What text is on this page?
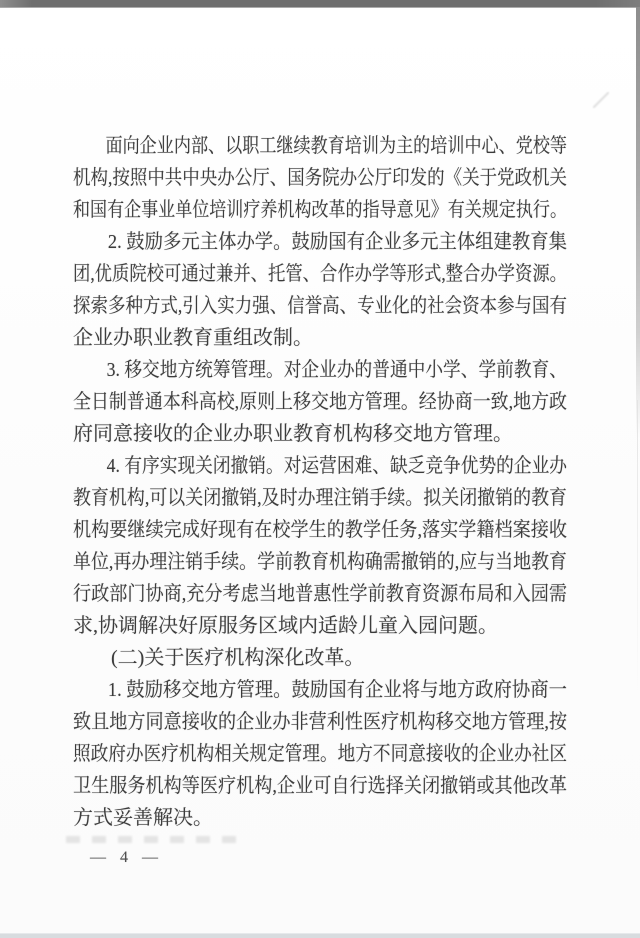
面向企业内部、以职工继续教育培训为主的培训中心、党校等
机构,按照中共中央办公厅、国务院办公厅印发的《关于党政机关
和国有企事业单位培训疗养机构改革的指导意见》有关规定执行。
2. 鼓励多元主体办学。鼓励国有企业多元主体组建教育集
团,优质院校可通过兼并、托管、合作办学等形式,整合办学资源。
探索多种方式,引入实力强、信誉高、专业化的社会资本参与国有
企业办职业教育重组改制。
3. 移交地方统筹管理。对企业办的普通中小学、学前教育、
全日制普通本科高校,原则上移交地方管理。经协商一致,地方政
府同意接收的企业办职业教育机构移交地方管理。
4. 有序实现关闭撤销。对运营困难、缺乏竞争优势的企业办
教育机构,可以关闭撤销,及时办理注销手续。拟关闭撤销的教育
机构要继续完成好现有在校学生的教学任务,落实学籍档案接收
单位,再办理注销手续。学前教育机构确需撤销的,应与当地教育
行政部门协商,充分考虑当地普惠性学前教育资源布局和入园需
求,协调解决好原服务区域内适龄儿童入园问题。
(二)关于医疗机构深化改革。
1. 鼓励移交地方管理。鼓励国有企业将与地方政府协商一
致且地方同意接收的企业办非营利性医疗机构移交地方管理,按
照政府办医疗机构相关规定管理。地方不同意接收的企业办社区
卫生服务机构等医疗机构,企业可自行选择关闭撤销或其他改革
方式妥善解决。
— 4 —
